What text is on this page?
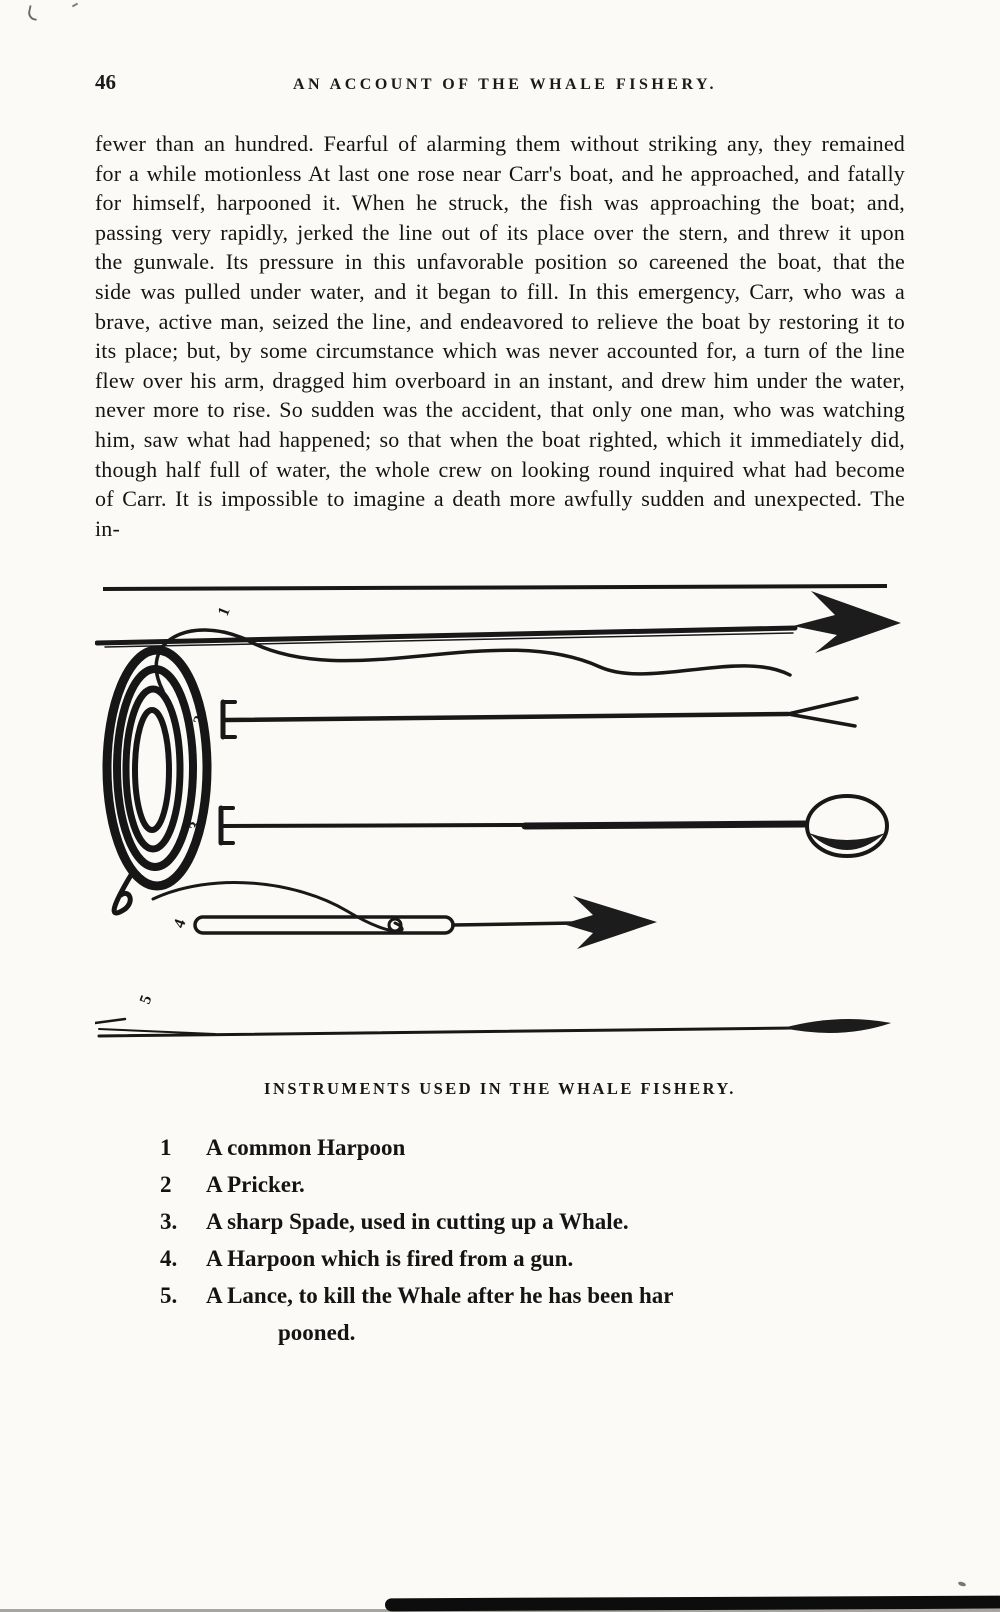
46	AN ACCOUNT OF THE WHALE FISHERY.

fewer than an hundred. Fearful of alarming them without striking any, they remained for a while motionless At last one rose near Carr's boat, and he approached, and fatally for himself, harpooned it. When he struck, the fish was approaching the boat; and, passing very rapidly, jerked the line out of its place over the stern, and threw it upon the gunwale. Its pressure in this unfavorable position so careened the boat, that the side was pulled under water, and it began to fill. In this emergency, Carr, who was a brave, active man, seized the line, and endeavored to relieve the boat by restoring it to its place; but, by some circumstance which was never accounted for, a turn of the line flew over his arm, dragged him overboard in an instant, and drew him under the water, never more to rise. So sudden was the accident, that only one man, who was watching him, saw what had happened; so that when the boat righted, which it immediately did, though half full of water, the whole crew on looking round inquired what had become of Carr. It is impossible to imagine a death more awfully sudden and unexpected. The in-

1
2
3
4
5
INSTRUMENTS USED IN THE WHALE FISHERY.
1	A common Harpoon
2	A Pricker.
3.	A sharp Spade, used in cutting up a Whale.
4.	A Harpoon which is fired from a gun.
5.	A Lance, to kill the Whale after he has been har
pooned.
